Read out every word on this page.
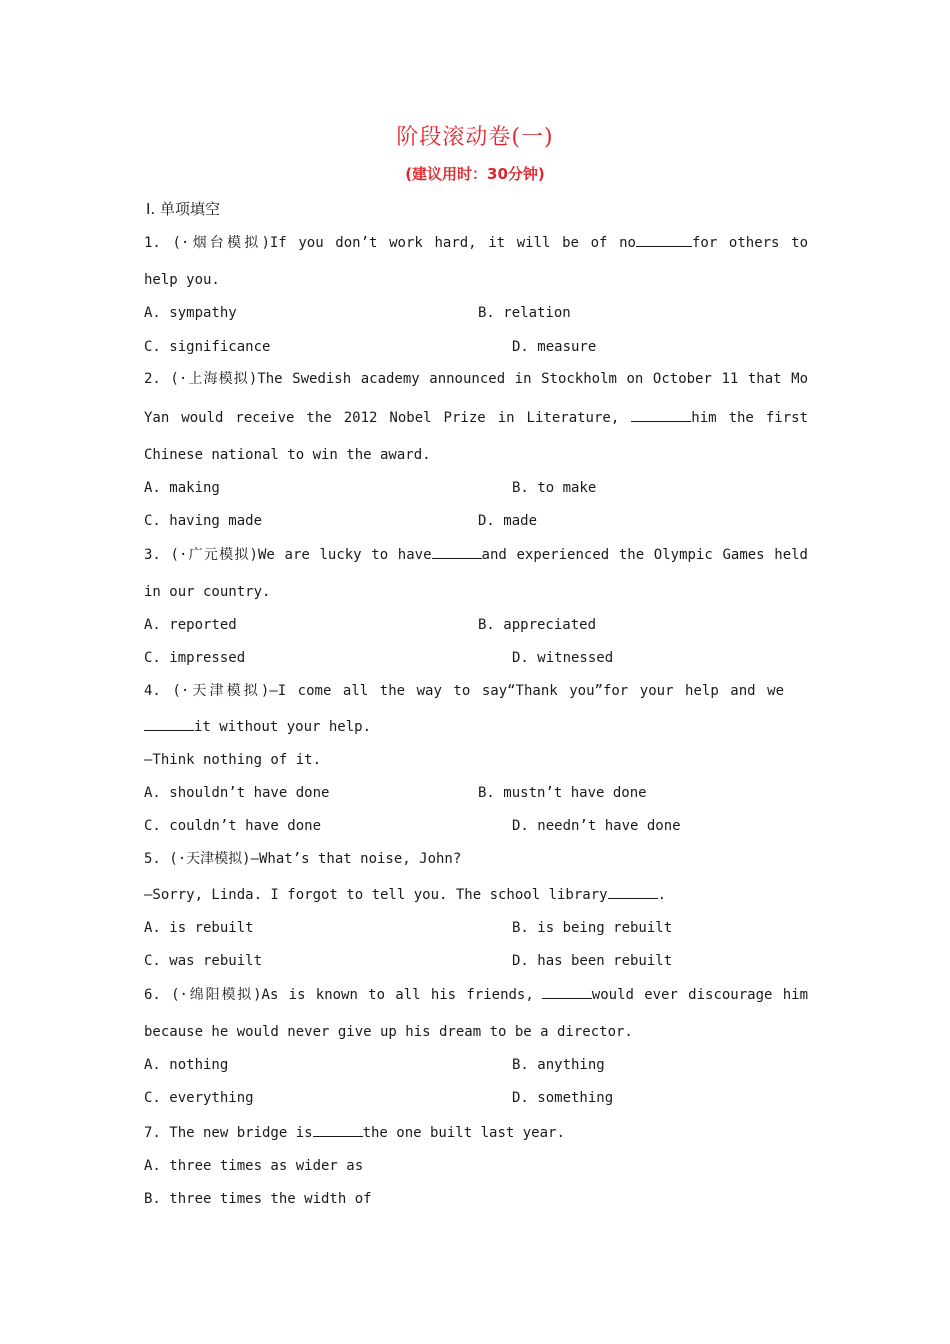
阶段滚动卷(一)
(建议用时：30分钟)
Ⅰ. 单项填空
1. (·烟台模拟)If you don’t work hard, it will be of no	for others to
help you.
A. sympathy	B. relation
C. significance	D. measure
2. (·上海模拟)The Swedish academy announced in Stockholm on October 11 that Mo
Yan would receive the 2012 Nobel Prize in Literature,	him the first
Chinese national to win the award.
A. making	B. to make
C. having made	D. made
3. (·广元模拟)We are lucky to have	and experienced the Olympic Games held
in our country.
A. reported	B. appreciated
C. impressed	D. witnessed
4. (·天津模拟)—I come all the way to say“Thank you”for your help and we
it without your help.
—Think nothing of it.
A. shouldn’t have done	B. mustn’t have done
C. couldn’t have done	D. needn’t have done
5. (·天津模拟)—What’s that noise, John?
—Sorry, Linda. I forgot to tell you. The school library	.
A. is rebuilt	B. is being rebuilt
C. was rebuilt	D. has been rebuilt
6. (·绵阳模拟)As is known to all his friends,	would ever discourage him
because he would never give up his dream to be a director.
A. nothing	B. anything
C. everything	D. something
7. The new bridge is	the one built last year.
A. three times as wider as
B. three times the width of
